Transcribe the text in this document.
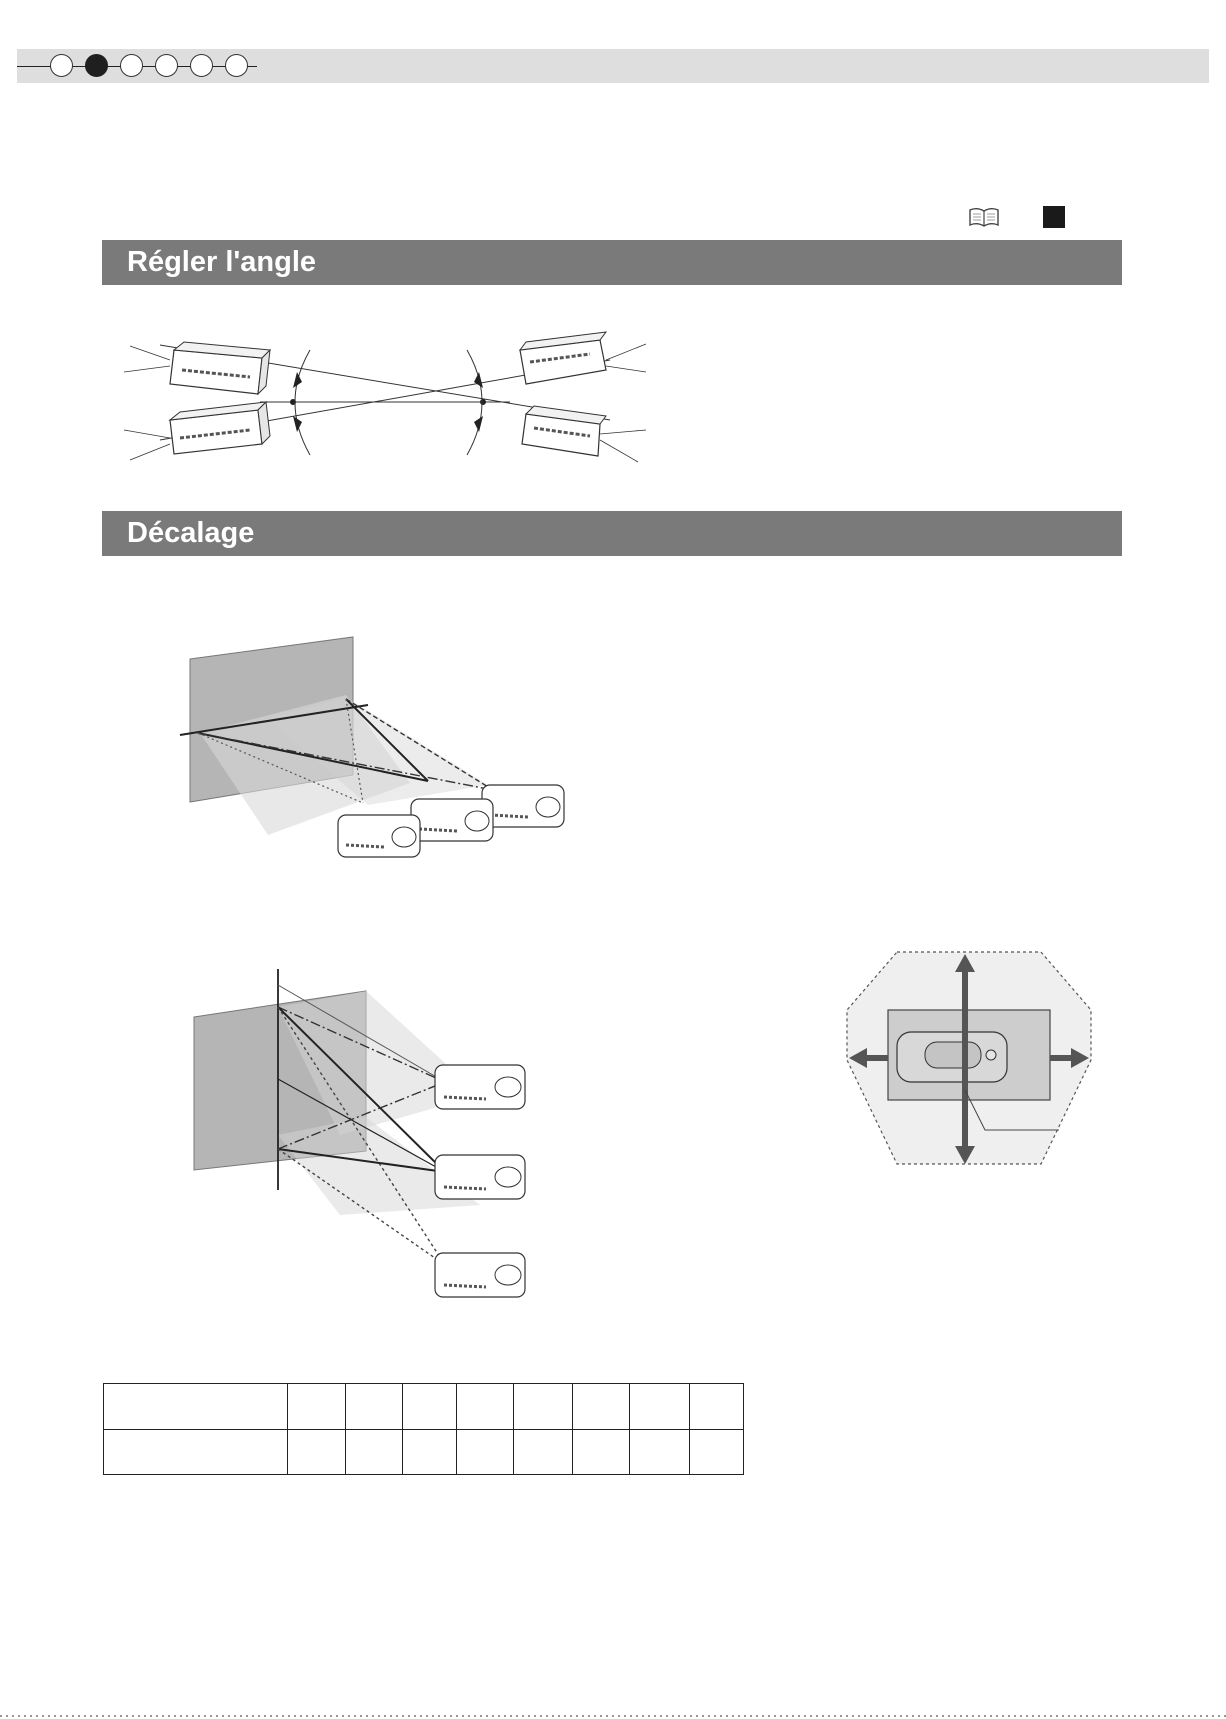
Régler l'angle
Décalage
